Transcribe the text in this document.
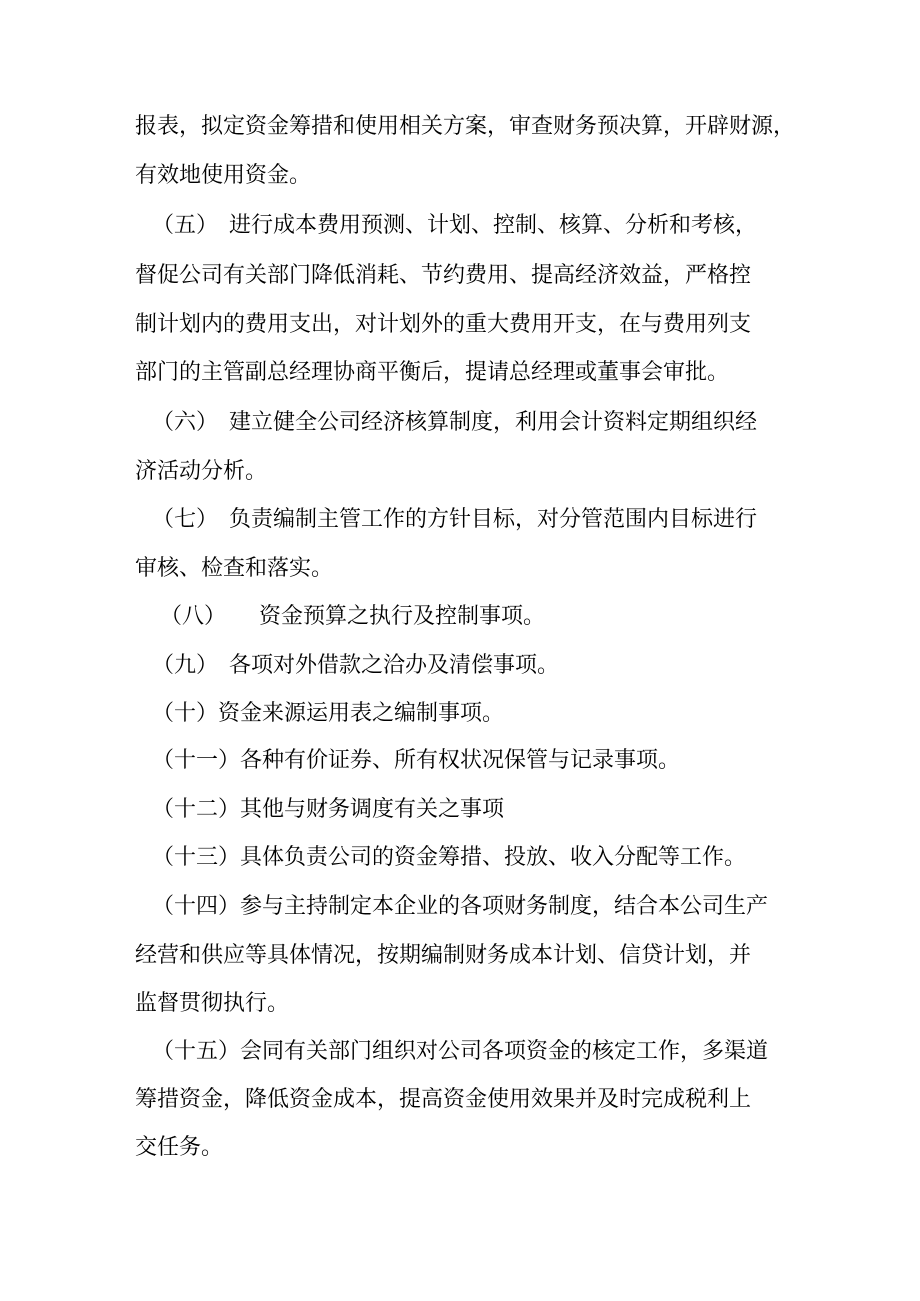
报表，拟定资金筹措和使用相关方案，审查财务预决算，开辟财源，
有效地使用资金。
（五）　进行成本费用预测、计划、控制、核算、分析和考核，
督促公司有关部门降低消耗、节约费用、提高经济效益，严格控
制计划内的费用支出，对计划外的重大费用开支，在与费用列支
部门的主管副总经理协商平衡后，提请总经理或董事会审批。
（六）　建立健全公司经济核算制度，利用会计资料定期组织经
济活动分析。
（七）　负责编制主管工作的方针目标，对分管范围内目标进行
审核、检查和落实。
（八）　　资金预算之执行及控制事项。
（九）　各项对外借款之洽办及清偿事项。
（十）资金来源运用表之编制事项。
（十一）各种有价证券、所有权状况保管与记录事项。
（十二）其他与财务调度有关之事项
（十三）具体负责公司的资金筹措、投放、收入分配等工作。
（十四）参与主持制定本企业的各项财务制度，结合本公司生产
经营和供应等具体情况，按期编制财务成本计划、信贷计划，并
监督贯彻执行。
（十五）会同有关部门组织对公司各项资金的核定工作，多渠道
筹措资金，降低资金成本，提高资金使用效果并及时完成税利上
交任务。
